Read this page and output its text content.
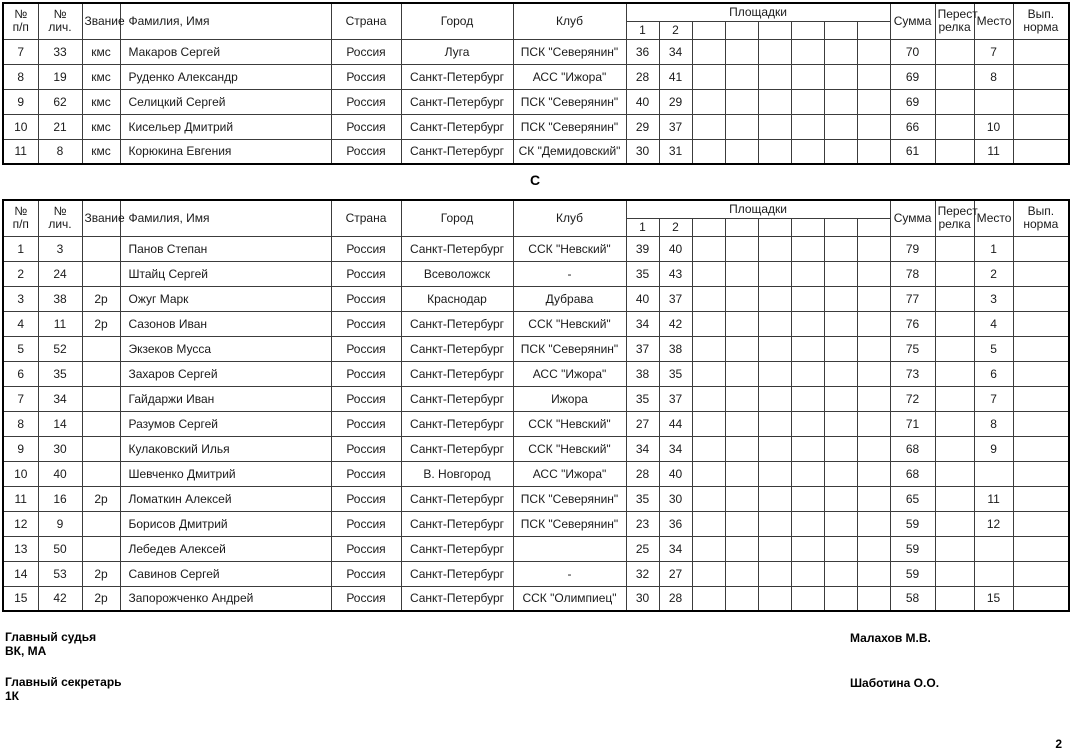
№
п/п	№
лич.	Звание	Фамилия, Имя	Страна	Город	Клуб	Площадки								Сумма	Перест
релка	Место	Вып.
норма
							1	2										
7	33	кмс	Макаров Сергей	Россия	Луга	ПСК "Северянин"	36	34							70		7	
8	19	кмс	Руденко Александр	Россия	Санкт-Петербург	АСС "Ижора"	28	41							69		8	
9	62	кмс	Селицкий Сергей	Россия	Санкт-Петербург	ПСК "Северянин"	40	29							69			
10	21	кмс	Кисельер Дмитрий	Россия	Санкт-Петербург	ПСК "Северянин"	29	37							66		10	
11	8	кмс	Корюкина Евгения	Россия	Санкт-Петербург	СК "Демидовский"	30	31							61		11	
С
№
п/п	№
лич.	Звание	Фамилия, Имя	Страна	Город	Клуб	Площадки								Сумма	Перест
релка	Место	Вып.
норма
							1	2										
1	3		Панов Степан	Россия	Санкт-Петербург	ССК "Невский"	39	40							79		1	
2	24		Штайц Сергей	Россия	Всеволожск	-	35	43							78		2	
3	38	2р	Ожуг Марк	Россия	Краснодар	Дубрава	40	37							77		3	
4	11	2р	Сазонов Иван	Россия	Санкт-Петербург	ССК "Невский"	34	42							76		4	
5	52		Экзеков Мусса	Россия	Санкт-Петербург	ПСК "Северянин"	37	38							75		5	
6	35		Захаров Сергей	Россия	Санкт-Петербург	АСС "Ижора"	38	35							73		6	
7	34		Гайдаржи Иван	Россия	Санкт-Петербург	Ижора	35	37							72		7	
8	14		Разумов Сергей	Россия	Санкт-Петербург	ССК "Невский"	27	44							71		8	
9	30		Кулаковский Илья	Россия	Санкт-Петербург	ССК "Невский"	34	34							68		9	
10	40		Шевченко Дмитрий	Россия	В. Новгород	АСС "Ижора"	28	40							68			
11	16	2р	Ломаткин Алексей	Россия	Санкт-Петербург	ПСК "Северянин"	35	30							65		11	
12	9		Борисов Дмитрий	Россия	Санкт-Петербург	ПСК "Северянин"	23	36							59		12	
13	50		Лебедев Алексей	Россия	Санкт-Петербург		25	34							59			
14	53	2р	Савинов Сергей	Россия	Санкт-Петербург	-	32	27							59			
15	42	2р	Запорожченко Андрей	Россия	Санкт-Петербург	ССК "Олимпиец"	30	28							58		15	
Главный судья
ВК, МА
Малахов М.В.
Главный секретарь
1К
Шаботина О.О.
2
